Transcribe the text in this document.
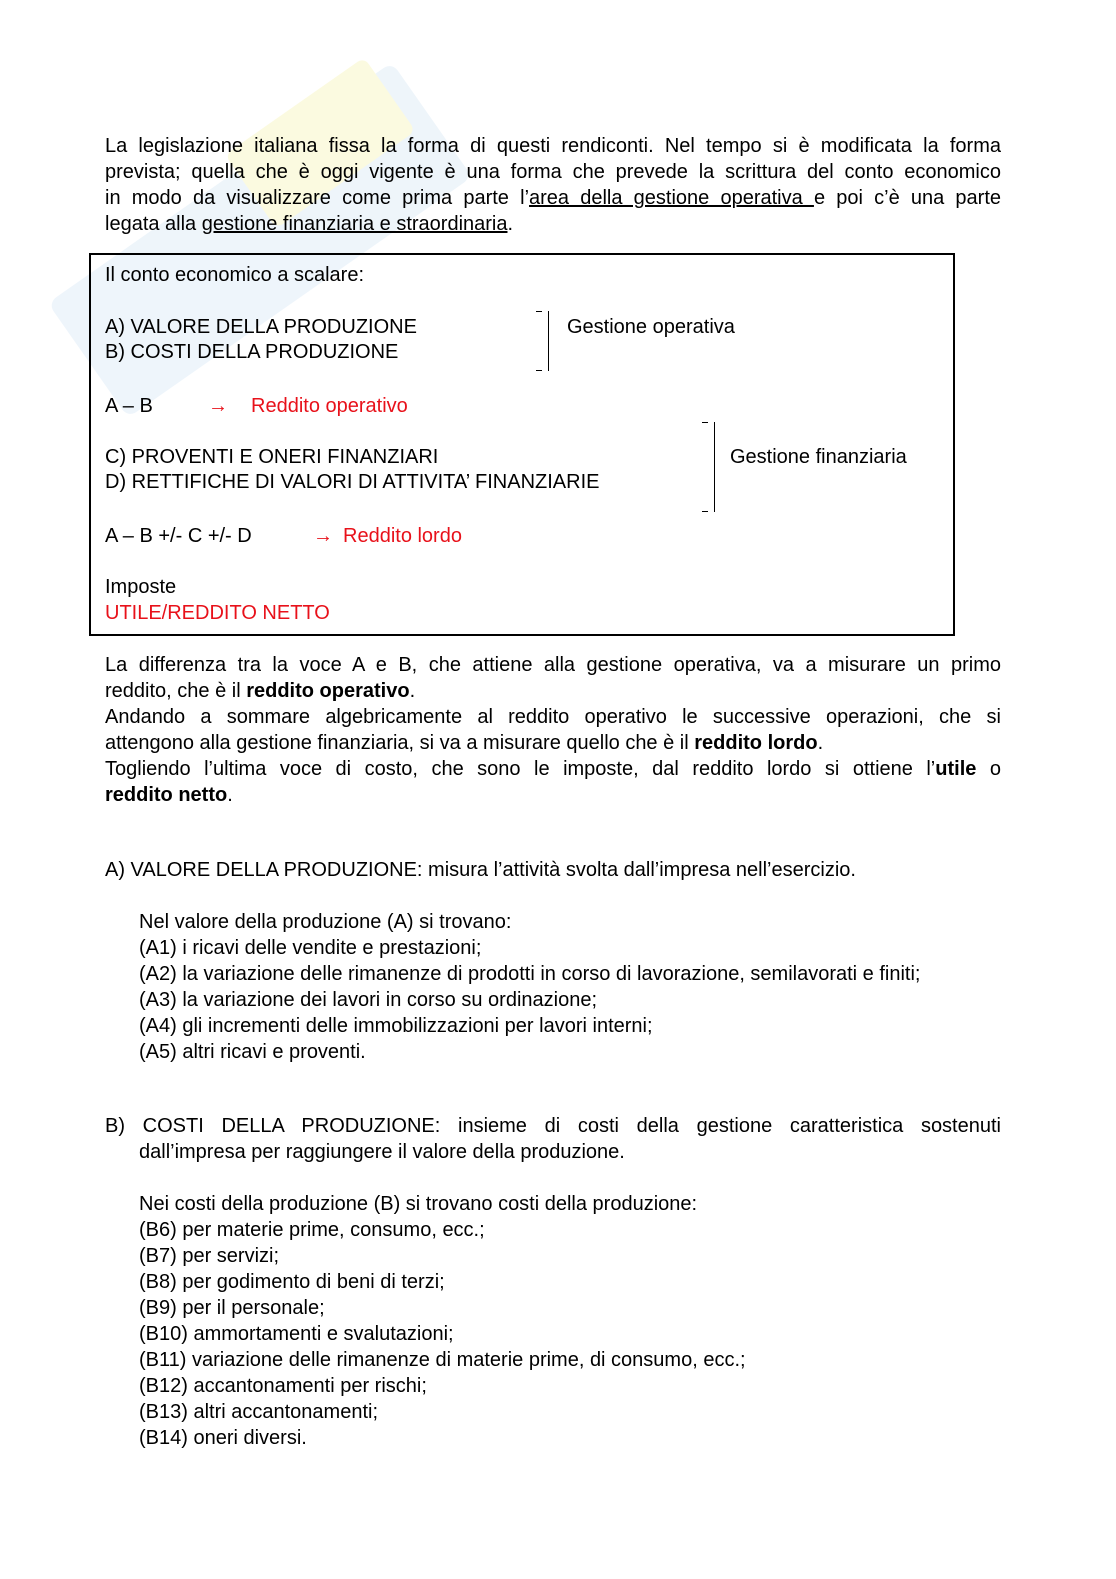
La legislazione italiana fissa la forma di questi rendiconti. Nel tempo si è modificata la forma
prevista; quella che è oggi vigente è una forma che prevede la scrittura del conto economico
in modo da visualizzare come prima parte l’area della gestione operativa e poi c’è una parte
legata alla gestione finanziaria e straordinaria.
Il conto economico a scalare:
A) VALORE DELLA PRODUZIONE
B) COSTI DELLA PRODUZIONE
Gestione operativa
A – B	→ Reddito operativo
C) PROVENTI E ONERI FINANZIARI
D) RETTIFICHE DI VALORI DI ATTIVITA’ FINANZIARIE
Gestione finanziaria
A – B +/- C +/- D	→ Reddito lordo
Imposte
UTILE/REDDITO NETTO
La differenza tra la voce A e B, che attiene alla gestione operativa, va a misurare un primo
reddito, che è il reddito operativo.
Andando a sommare algebricamente al reddito operativo le successive operazioni, che si
attengono alla gestione finanziaria, si va a misurare quello che è il reddito lordo.
Togliendo l’ultima voce di costo, che sono le imposte, dal reddito lordo si ottiene l’utile o
reddito netto.
A) VALORE DELLA PRODUZIONE: misura l’attività svolta dall’impresa nell’esercizio.
Nel valore della produzione (A) si trovano:
(A1) i ricavi delle vendite e prestazioni;
(A2) la variazione delle rimanenze di prodotti in corso di lavorazione, semilavorati e finiti;
(A3) la variazione dei lavori in corso su ordinazione;
(A4) gli incrementi delle immobilizzazioni per lavori interni;
(A5) altri ricavi e proventi.
B) COSTI DELLA PRODUZIONE: insieme di costi della gestione caratteristica sostenuti
dall’impresa per raggiungere il valore della produzione.
Nei costi della produzione (B) si trovano costi della produzione:
(B6) per materie prime, consumo, ecc.;
(B7) per servizi;
(B8) per godimento di beni di terzi;
(B9) per il personale;
(B10) ammortamenti e svalutazioni;
(B11) variazione delle rimanenze di materie prime, di consumo, ecc.;
(B12) accantonamenti per rischi;
(B13) altri accantonamenti;
(B14) oneri diversi.
